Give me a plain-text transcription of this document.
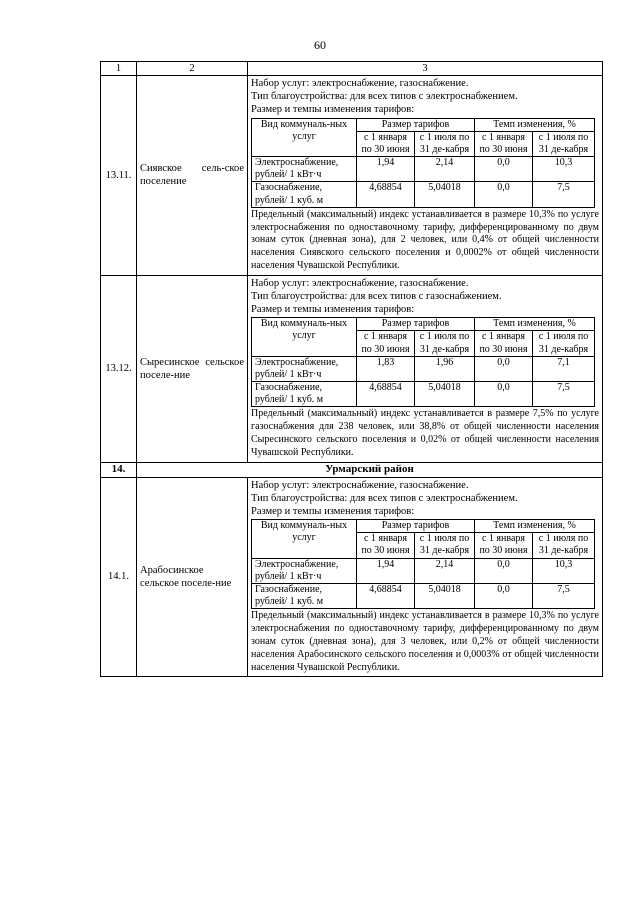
60
1	2	3
13.11.	Сиявское сель-ское поселение	
Набор услуг: электроснабжение, газоснабжение.
Тип благоустройства: для всех типов с электроснабжением.
Размер и темпы изменения тарифов:
Вид коммуналь-ных услуг	Размер тарифов	Темп изменения, %
с 1 января по 30 июня	с 1 июля по 31 де-кабря	с 1 января по 30 июня	с 1 июля по 31 де-кабря
Электроснабжение, рублей/ 1 кВт·ч	1,94	2,14	0,0	10,3
Газоснабжение, рублей/ 1 куб. м	4,68854	5,04018	0,0	7,5
Предельный (максимальный) индекс устанавливается в размере 10,3% по услуге электроснабжения по одноставочному тарифу, дифференцированному по двум зонам суток (дневная зона), для 2 человек, или 0,4% от общей численности населения Сиявского сельского поселения и 0,0002% от общей численности населения Чувашской Республики.

13.12.	Сыресинское сельское поселе-ние	
Набор услуг: электроснабжение, газоснабжение.
Тип благоустройства: для всех типов с газоснабжением.
Размер и темпы изменения тарифов:
Вид коммуналь-ных услуг	Размер тарифов	Темп изменения, %
с 1 января по 30 июня	с 1 июля по 31 де-кабря	с 1 января по 30 июня	с 1 июля по 31 де-кабря
Электроснабжение, рублей/ 1 кВт·ч	1,83	1,96	0,0	7,1
Газоснабжение, рублей/ 1 куб. м	4,68854	5,04018	0,0	7,5
Предельный (максимальный) индекс устанавливается в размере 7,5% по услуге газоснабжения для 238 человек, или 38,8% от общей численности населения Сыресинского сельского поселения и 0,02% от общей численности населения Чувашской Республики.

14.	Урмарский район
14.1.	Арабосинское сельское поселе-ние	
Набор услуг: электроснабжение, газоснабжение.
Тип благоустройства: для всех типов с электроснабжением.
Размер и темпы изменения тарифов:
Вид коммуналь-ных услуг	Размер тарифов	Темп изменения, %
с 1 января по 30 июня	с 1 июля по 31 де-кабря	с 1 января по 30 июня	с 1 июля по 31 де-кабря
Электроснабжение, рублей/ 1 кВт·ч	1,94	2,14	0,0	10,3
Газоснабжение, рублей/ 1 куб. м	4,68854	5,04018	0,0	7,5
Предельный (максимальный) индекс устанавливается в размере 10,3% по услуге электроснабжения по одноставочному тарифу, дифференцированному по двум зонам суток (дневная зона), для 3 человек, или 0,2% от общей численности населения Арабосинского сельского поселения и 0,0003% от общей численности населения Чувашской Республики.
